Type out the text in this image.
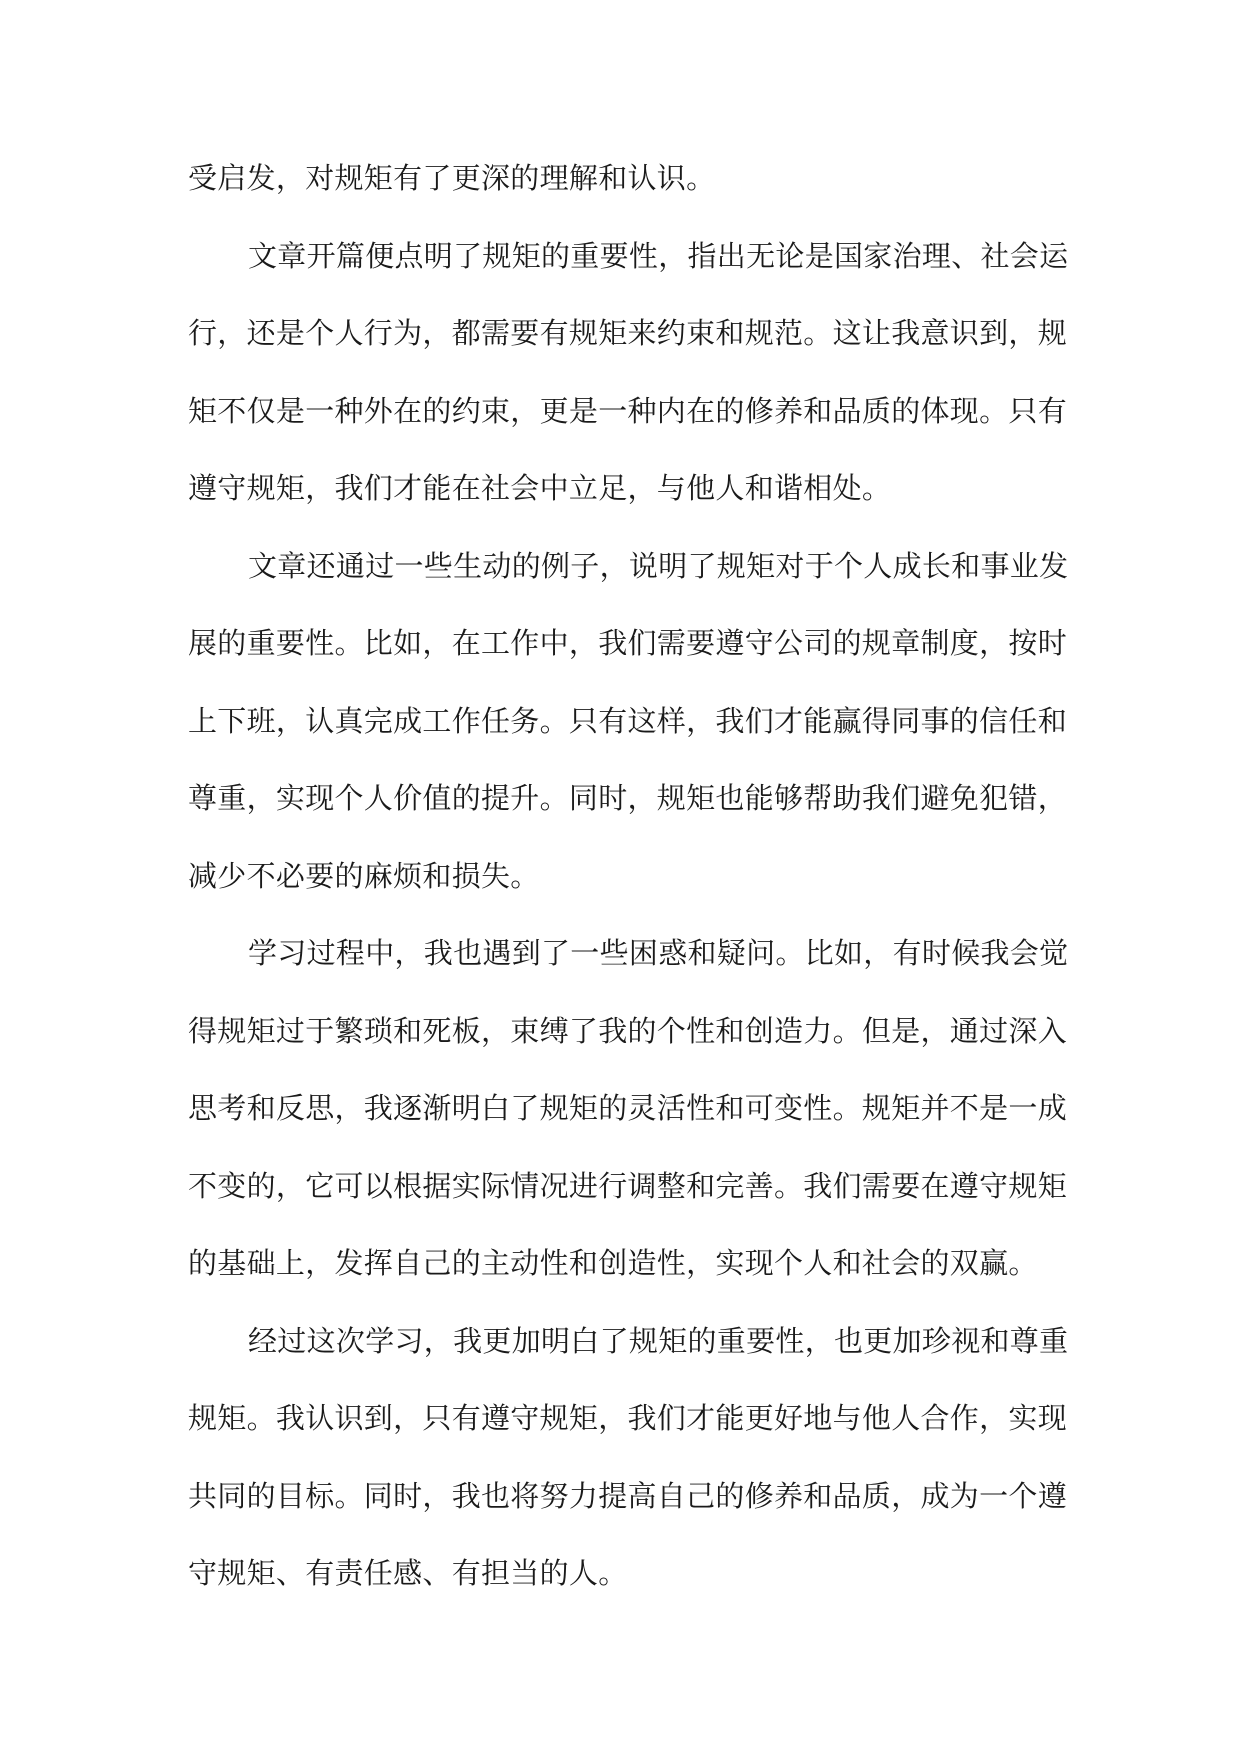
受启发，对规矩有了更深的理解和认识。
文章开篇便点明了规矩的重要性，指出无论是国家治理、社会运
行，还是个人行为，都需要有规矩来约束和规范。这让我意识到，规
矩不仅是一种外在的约束，更是一种内在的修养和品质的体现。只有
遵守规矩，我们才能在社会中立足，与他人和谐相处。
文章还通过一些生动的例子，说明了规矩对于个人成长和事业发
展的重要性。比如，在工作中，我们需要遵守公司的规章制度，按时
上下班，认真完成工作任务。只有这样，我们才能赢得同事的信任和
尊重，实现个人价值的提升。同时，规矩也能够帮助我们避免犯错，
减少不必要的麻烦和损失。
学习过程中，我也遇到了一些困惑和疑问。比如，有时候我会觉
得规矩过于繁琐和死板，束缚了我的个性和创造力。但是，通过深入
思考和反思，我逐渐明白了规矩的灵活性和可变性。规矩并不是一成
不变的，它可以根据实际情况进行调整和完善。我们需要在遵守规矩
的基础上，发挥自己的主动性和创造性，实现个人和社会的双赢。
经过这次学习，我更加明白了规矩的重要性，也更加珍视和尊重
规矩。我认识到，只有遵守规矩，我们才能更好地与他人合作，实现
共同的目标。同时，我也将努力提高自己的修养和品质，成为一个遵
守规矩、有责任感、有担当的人。
